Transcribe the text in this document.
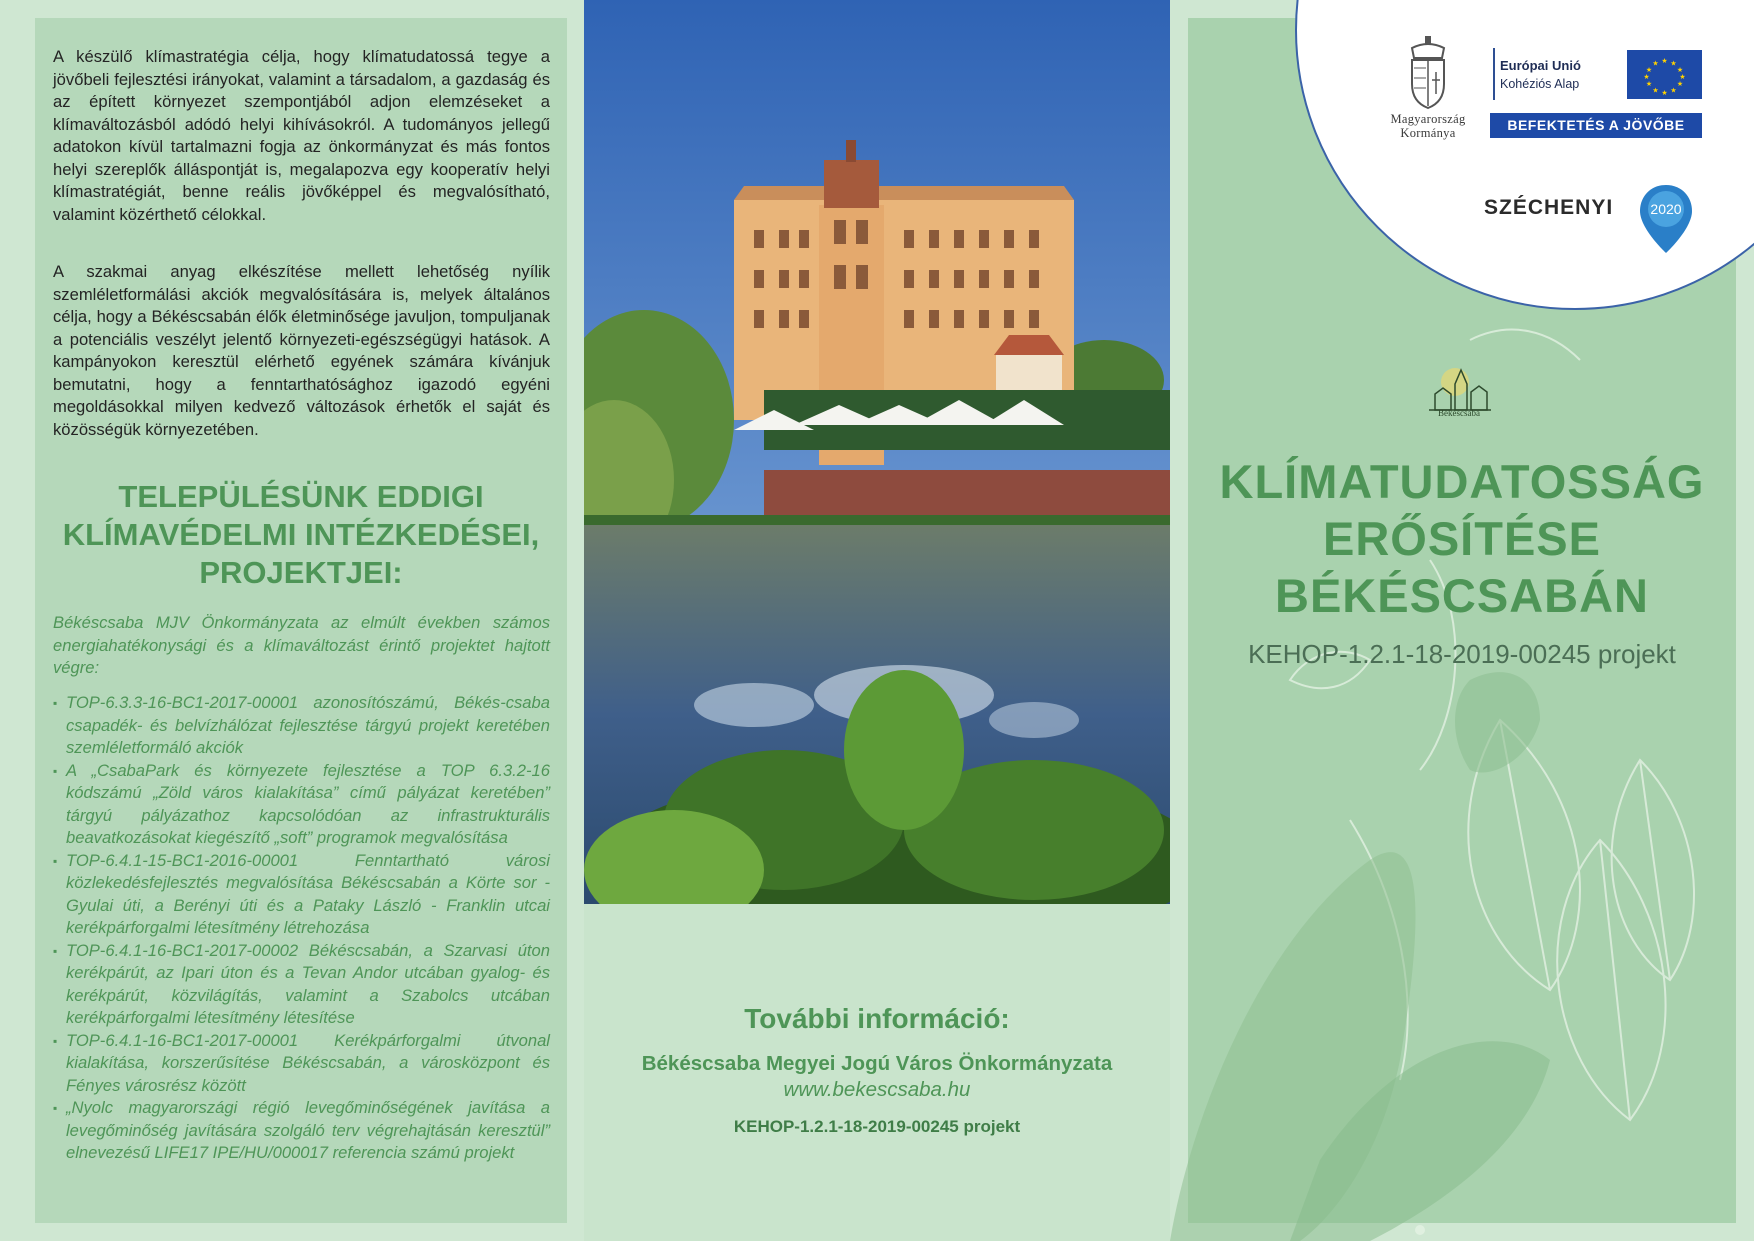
A készülő klímastratégia célja, hogy klímatudatossá tegye a jövőbeli fejlesztési irányokat, valamint a társadalom, a gazdaság és az épített környezet szempontjából adjon elemzéseket a klímaváltozásból adódó helyi kihívásokról. A tudományos jellegű adatokon kívül tartalmazni fogja az önkormányzat és más fontos helyi szereplők álláspontját is, megalapozva egy kooperatív helyi klímastratégiát, benne reális jövőképpel és megvalósítható, valamint közérthető célokkal.

A szakmai anyag elkészítése mellett lehetőség nyílik szemléletformálási akciók megvalósítására is, melyek általános célja, hogy a Békéscsabán élők életminősége javuljon, tompuljanak a potenciális veszélyt jelentő környezeti-egészségügyi hatások. A kampányokon keresztül elérhető egyének számára kívánjuk bemutatni, hogy a fenntarthatósághoz igazodó egyéni megoldásokkal milyen kedvező változások érhetők el saját és közösségük környezetében.

TELEPÜLÉSÜNK EDDIGI KLÍMAVÉDELMI INTÉZKEDÉSEI, PROJEKTJEI:

Békéscsaba MJV Önkormányzata az elmúlt években számos energiahatékonysági és a klímaváltozást érintő projektet hajtott végre:

▪ TOP-6.3.3-16-BC1-2017-00001 azonosítószámú, Békés-csaba csapadék- és belvízhálózat fejlesztése tárgyú projekt keretében szemléletformáló akciók
▪ A „CsabaPark és környezete fejlesztése a TOP 6.3.2-16 kódszámú „Zöld város kialakítása” című pályázat keretében” tárgyú pályázathoz kapcsolódóan az infrastrukturális beavatkozásokat kiegészítő „soft” programok megvalósítása
▪ TOP-6.4.1-15-BC1-2016-00001 Fenntartható városi közlekedésfejlesztés megvalósítása Békéscsabán a Körte sor - Gyulai úti, a Berényi úti és a Pataky László - Franklin utcai kerékpárforgalmi létesítmény létrehozása
▪ TOP-6.4.1-16-BC1-2017-00002 Békéscsabán, a Szarvasi úton kerékpárút, az Ipari úton és a Tevan Andor utcában gyalog- és kerékpárút, közvilágítás, valamint a Szabolcs utcában kerékpárforgalmi létesítmény létesítése
▪ TOP-6.4.1-16-BC1-2017-00001 Kerékpárforgalmi útvonal kialakítása, korszerűsítése Békéscsabán, a városközpont és Fényes városrész között
▪ „Nyolc magyarországi régió levegőminőségének javítása a levegőminőség javítására szolgáló terv végrehajtásán keresztül” elnevezésű LIFE17 IPE/HU/000017 referencia számú projekt

További információ:

Békéscsaba Megyei Jogú Város Önkormányzata

www.bekescsaba.hu

KEHOP-1.2.1-18-2019-00245 projekt

Magyarország
Kormánya

Európai Unió

Kohéziós Alap

★ ★
★
★
★
★
★
★
★
★
★
★
BEFEKTETÉS A JÖVŐBE

SZÉCHENYI	2020

Békéscsaba

KLÍMATUDATOSSÁG
ERŐSÍTÉSE
BÉKÉSCSABÁN

KEHOP-1.2.1-18-2019-00245 projekt
